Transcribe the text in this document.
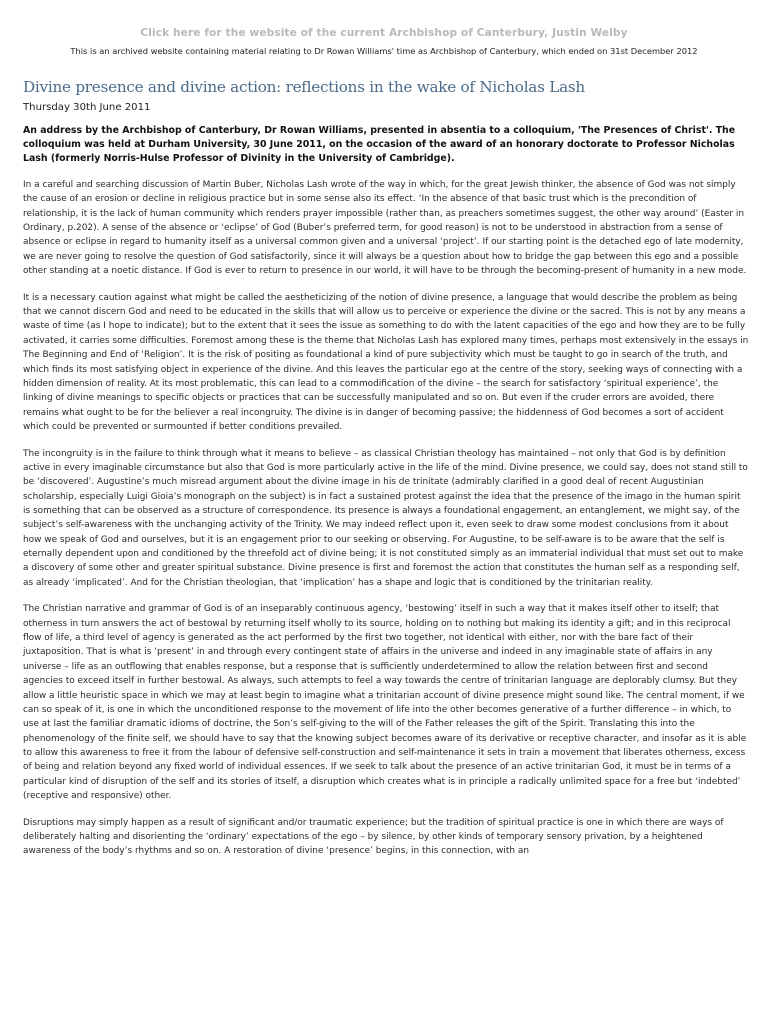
Click here for the website of the current Archbishop of Canterbury, Justin Welby
This is an archived website containing material relating to Dr Rowan Williams' time as Archbishop of Canterbury, which ended on 31st December 2012
Divine presence and divine action: reflections in the wake of Nicholas Lash
Thursday 30th June 2011

An address by the Archbishop of Canterbury, Dr Rowan Williams, presented in absentia to a colloquium, 'The Presences of Christ'. The colloquium was held at Durham University, 30 June 2011, on the occasion of the award of an honorary doctorate to Professor Nicholas Lash (formerly Norris-Hulse Professor of Divinity in the University of Cambridge).

In a careful and searching discussion of Martin Buber, Nicholas Lash wrote of the way in which, for the great Jewish thinker, the absence of God was not simply the cause of an erosion or decline in religious practice but in some sense also its effect. ‘In the absence of that basic trust which is the precondition of relationship, it is the lack of human community which renders prayer impossible (rather than, as preachers sometimes suggest, the other way around’ (Easter in Ordinary, p.202). A sense of the absence or ‘eclipse’ of God (Buber’s preferred term, for good reason) is not to be understood in abstraction from a sense of absence or eclipse in regard to humanity itself as a universal common given and a universal ‘project’. If our starting point is the detached ego of late modernity, we are never going to resolve the question of God satisfactorily, since it will always be a question about how to bridge the gap between this ego and a possible other standing at a noetic distance. If God is ever to return to presence in our world, it will have to be through the becoming-present of humanity in a new mode.

It is a necessary caution against what might be called the aestheticizing of the notion of divine presence, a language that would describe the problem as being that we cannot discern God and need to be educated in the skills that will allow us to perceive or experience the divine or the sacred. This is not by any means a waste of time (as I hope to indicate); but to the extent that it sees the issue as something to do with the latent capacities of the ego and how they are to be fully activated, it carries some difficulties. Foremost among these is the theme that Nicholas Lash has explored many times, perhaps most extensively in the essays in The Beginning and End of ‘Religion’. It is the risk of positing as foundational a kind of pure subjectivity which must be taught to go in search of the truth, and which finds its most satisfying object in experience of the divine. And this leaves the particular ego at the centre of the story, seeking ways of connecting with a hidden dimension of reality. At its most problematic, this can lead to a commodification of the divine – the search for satisfactory ‘spiritual experience’, the linking of divine meanings to specific objects or practices that can be successfully manipulated and so on. But even if the cruder errors are avoided, there remains what ought to be for the believer a real incongruity. The divine is in danger of becoming passive; the hiddenness of God becomes a sort of accident which could be prevented or surmounted if better conditions prevailed.

The incongruity is in the failure to think through what it means to believe – as classical Christian theology has maintained – not only that God is by definition active in every imaginable circumstance but also that God is more particularly active in the life of the mind. Divine presence, we could say, does not stand still to be ‘discovered’. Augustine’s much misread argument about the divine image in his de trinitate (admirably clarified in a good deal of recent Augustinian scholarship, especially Luigi Gioia’s monograph on the subject) is in fact a sustained protest against the idea that the presence of the imago in the human spirit is something that can be observed as a structure of correspondence. Its presence is always a foundational engagement, an entanglement, we might say, of the subject’s self-awareness with the unchanging activity of the Trinity. We may indeed reflect upon it, even seek to draw some modest conclusions from it about how we speak of God and ourselves, but it is an engagement prior to our seeking or observing. For Augustine, to be self-aware is to be aware that the self is eternally dependent upon and conditioned by the threefold act of divine being; it is not constituted simply as an immaterial individual that must set out to make a discovery of some other and greater spiritual substance. Divine presence is first and foremost the action that constitutes the human self as a responding self, as already ‘implicated’. And for the Christian theologian, that ‘implication’ has a shape and logic that is conditioned by the trinitarian reality.

The Christian narrative and grammar of God is of an inseparably continuous agency, ‘bestowing’ itself in such a way that it makes itself other to itself; that otherness in turn answers the act of bestowal by returning itself wholly to its source, holding on to nothing but making its identity a gift; and in this reciprocal flow of life, a third level of agency is generated as the act performed by the first two together, not identical with either, nor with the bare fact of their juxtaposition. That is what is ‘present’ in and through every contingent state of affairs in the universe and indeed in any imaginable state of affairs in any universe – life as an outflowing that enables response, but a response that is sufficiently underdetermined to allow the relation between first and second agencies to exceed itself in further bestowal. As always, such attempts to feel a way towards the centre of trinitarian language are deplorably clumsy. But they allow a little heuristic space in which we may at least begin to imagine what a trinitarian account of divine presence might sound like. The central moment, if we can so speak of it, is one in which the unconditioned response to the movement of life into the other becomes generative of a further difference – in which, to use at last the familiar dramatic idioms of doctrine, the Son’s self-giving to the will of the Father releases the gift of the Spirit. Translating this into the phenomenology of the finite self, we should have to say that the knowing subject becomes aware of its derivative or receptive character, and insofar as it is able to allow this awareness to free it from the labour of defensive self-construction and self-maintenance it sets in train a movement that liberates otherness, excess of being and relation beyond any fixed world of individual essences. If we seek to talk about the presence of an active trinitarian God, it must be in terms of a particular kind of disruption of the self and its stories of itself, a disruption which creates what is in principle a radically unlimited space for a free but ‘indebted’ (receptive and responsive) other.

Disruptions may simply happen as a result of significant and/or traumatic experience; but the tradition of spiritual practice is one in which there are ways of deliberately halting and disorienting the ‘ordinary’ expectations of the ego – by silence, by other kinds of temporary sensory privation, by a heightened awareness of the body’s rhythms and so on. A restoration of divine ‘presence’ begins, in this connection, with an
